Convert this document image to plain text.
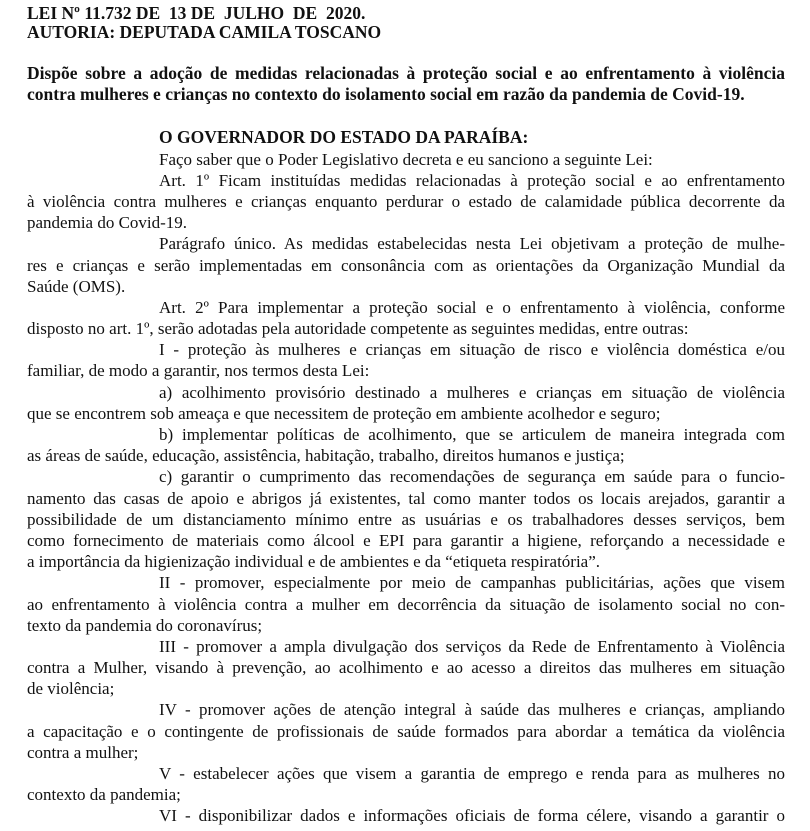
LEI Nº 11.732 DE  13 DE  JULHO  DE  2020.
AUTORIA: DEPUTADA CAMILA TOSCANO
Dispõe sobre a adoção de medidas relacionadas à proteção social e ao enfrentamento à violência
contra mulheres e crianças no contexto do isolamento social em razão da pandemia de Covid-19.
O GOVERNADOR DO ESTADO DA PARAÍBA:
Faço saber que o Poder Legislativo decreta e eu sanciono a seguinte Lei:
Art. 1º Ficam instituídas medidas relacionadas à proteção social e ao enfrentamento
à violência contra mulheres e crianças enquanto perdurar o estado de calamidade pública decorrente da
pandemia do Covid-19.
Parágrafo único. As medidas estabelecidas nesta Lei objetivam a proteção de mulhe-
res e crianças e serão implementadas em consonância com as orientações da Organização Mundial da
Saúde (OMS).
Art. 2º Para implementar a proteção social e o enfrentamento à violência, conforme
disposto no art. 1º, serão adotadas pela autoridade competente as seguintes medidas, entre outras:
I - proteção às mulheres e crianças em situação de risco e violência doméstica e/ou
familiar, de modo a garantir, nos termos desta Lei:
a) acolhimento provisório destinado a mulheres e crianças em situação de violência
que se encontrem sob ameaça e que necessitem de proteção em ambiente acolhedor e seguro;
b) implementar políticas de acolhimento, que se articulem de maneira integrada com
as áreas de saúde, educação, assistência, habitação, trabalho, direitos humanos e justiça;
c) garantir o cumprimento das recomendações de segurança em saúde para o funcio-
namento das casas de apoio e abrigos já existentes, tal como manter todos os locais arejados, garantir a
possibilidade de um distanciamento mínimo entre as usuárias e os trabalhadores desses serviços, bem
como fornecimento de materiais como álcool e EPI para garantir a higiene, reforçando a necessidade e
a importância da higienização individual e de ambientes e da “etiqueta respiratória”.
II - promover, especialmente por meio de campanhas publicitárias, ações que visem
ao enfrentamento à violência contra a mulher em decorrência da situação de isolamento social no con-
texto da pandemia do coronavírus;
III - promover a ampla divulgação dos serviços da Rede de Enfrentamento à Violência
contra a Mulher, visando à prevenção, ao acolhimento e ao acesso a direitos das mulheres em situação
de violência;
IV - promover ações de atenção integral à saúde das mulheres e crianças, ampliando
a capacitação e o contingente de profissionais de saúde formados para abordar a temática da violência
contra a mulher;
V - estabelecer ações que visem a garantia de emprego e renda para as mulheres no
contexto da pandemia;
VI - disponibilizar dados e informações oficiais de forma célere, visando a garantir o
